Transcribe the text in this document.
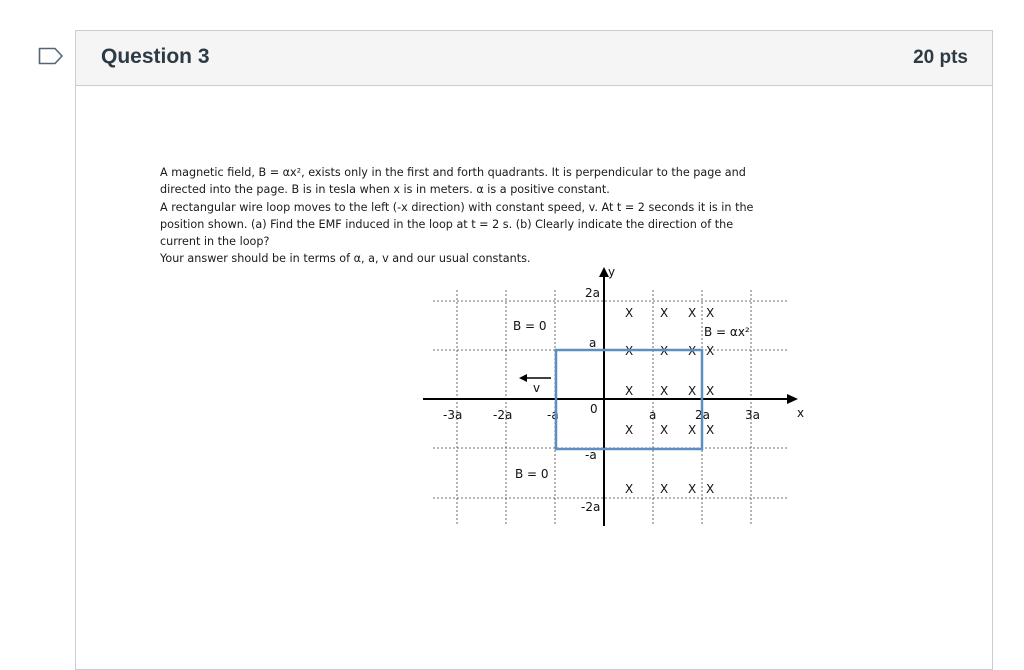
Question 3	20 pts

A magnetic field, B = αx², exists only in the first and forth quadrants. It is perpendicular to the page and

directed into the page. B is in tesla when x is in meters. α is a positive constant.

A rectangular wire loop moves to the left (-x direction) with constant speed, v. At t = 2 seconds it is in the

position shown. (a) Find the EMF induced in the loop at t = 2 s. (b) Clearly indicate the direction of the

current in the loop?

Your answer should be in terms of α, a, v and our usual constants.

y
x
-3a	-2a	-a	a	2a	3a
0
2a
a
-a
-2a
B = 0
B = 0
B = αx²
X X X X
X X X X
X X X X
X X X X
X X X X
v
